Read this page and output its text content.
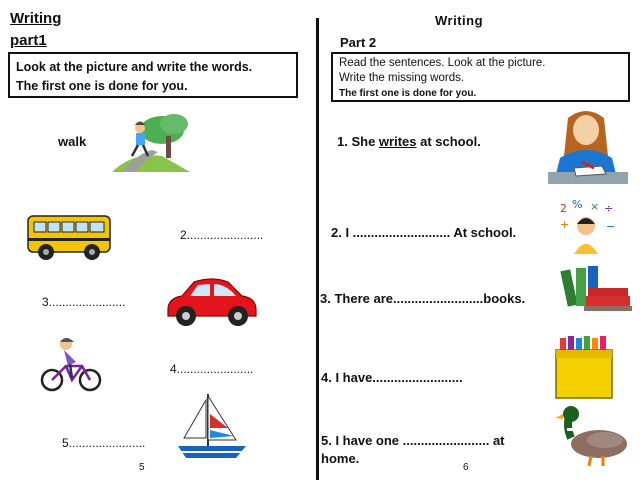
Writing
part1
Look at the picture and write the words.
The first one is done for you.
walk
2.......................
3.......................
4.......................
5.......................
5
Writing
Part 2
Read the sentences. Look at the picture.
Write the missing words.
The first one is done for you.
1. She writes at school.
2. I ........................... At school.
2 % × ÷
+	−
3. There are.........................books.
4. I have.........................
5. I have one ........................ at
home.
6
